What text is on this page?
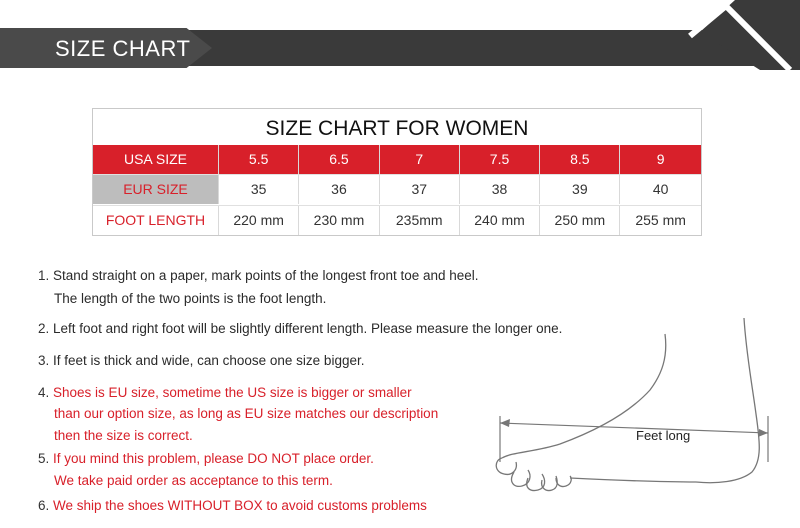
SIZE CHART
SIZE CHART FOR WOMEN
USA SIZE	5.5	6.5	7	7.5	8.5	9
EUR SIZE	35	36	37	38	39	40
FOOT LENGTH	220 mm	230 mm	235mm	240 mm	250 mm	255 mm
1. Stand straight on a paper, mark points of the longest front toe and heel.
The length of the two points is the foot length.
2. Left foot and right foot will be slightly different length. Please measure the longer one.
3. If feet is thick and wide, can choose one size bigger.
4. Shoes is EU size, sometime the US size is bigger or smaller
than our option size, as long as EU size matches our description
then the size is correct.
5. If you mind this problem, please DO NOT place order.
We take paid order as acceptance to this term.
6. We ship the shoes WITHOUT BOX to avoid customs problems
Feet long
